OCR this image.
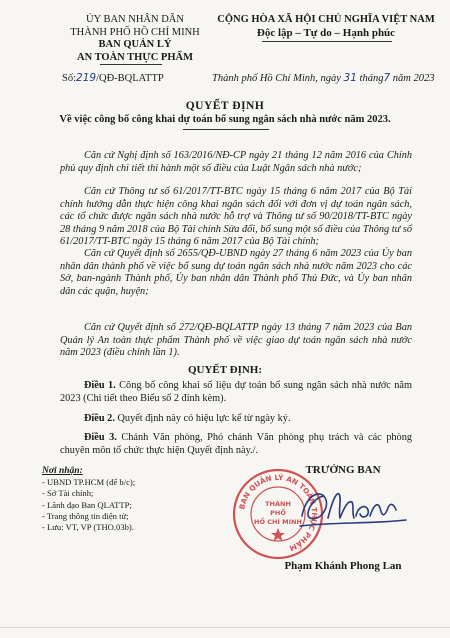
ỦY BAN NHÂN DÂN
THÀNH PHỐ HỒ CHÍ MINH
BAN QUẢN LÝ
AN TOÀN THỰC PHẨM
CỘNG HÒA XÃ HỘI CHỦ NGHĨA VIỆT NAM
Độc lập – Tự do – Hạnh phúc
Số:219/QĐ-BQLATTP	Thành phố Hồ Chí Minh, ngày 31 tháng7 năm 2023
QUYẾT ĐỊNH
Về việc công bố công khai dự toán bổ sung ngân sách nhà nước năm 2023.
Căn cứ Nghị định số 163/2016/NĐ-CP ngày 21 tháng 12 năm 2016 của Chính phủ quy định chi tiết thi hành một số điều của Luật Ngân sách nhà nước;
Căn cứ Thông tư số 61/2017/TT-BTC ngày 15 tháng 6 năm 2017 của Bộ Tài chính hướng dẫn thực hiện công khai ngân sách đối với đơn vị dự toán ngân sách, các tổ chức được ngân sách nhà nước hỗ trợ và Thông tư số 90/2018/TT-BTC ngày 28 tháng 9 năm 2018 của Bộ Tài chính Sửa đổi, bổ sung một số điều của Thông tư số 61/2017/TT-BTC ngày 15 tháng 6 năm 2017 của Bộ Tài chính;
Căn cứ Quyết định số 2655/QĐ-UBND ngày 27 tháng 6 năm 2023 của Ủy ban nhân dân thành phố về việc bổ sung dự toán ngân sách nhà nước năm 2023 cho các Sở, ban-ngành Thành phố, Ủy ban nhân dân Thành phố Thủ Đức, và Ủy ban nhân dân các quận, huyện;
Căn cứ Quyết định số 272/QĐ-BQLATTP ngày 13 tháng 7 năm 2023 của Ban Quản lý An toàn thực phẩm Thành phố về việc giao dự toán ngân sách nhà nước năm 2023 (điều chỉnh lần 1).
QUYẾT ĐỊNH:
Điều 1. Công bố công khai số liệu dự toán bổ sung ngân sách nhà nước năm 2023 (Chi tiết theo Biểu số 2 đính kèm).
Điều 2. Quyết định này có hiệu lực kể từ ngày ký.
Điều 3. Chánh Văn phòng, Phó chánh Văn phòng phụ trách và các phòng chuyên môn tổ chức thực hiện Quyết định này./.
Nơi nhận:
- UBND TP.HCM (để b/c);
- Sở Tài chính;
- Lãnh đạo Ban QLATTP;
- Trang thông tin điện tử;
- Lưu: VT, VP (THO.03b).
BAN QUẢN LÝ AN TOÀN THỰC PHẨM
THÀNH
PHỐ
HỒ CHÍ MINH
TRƯỞNG BAN
Phạm Khánh Phong Lan
